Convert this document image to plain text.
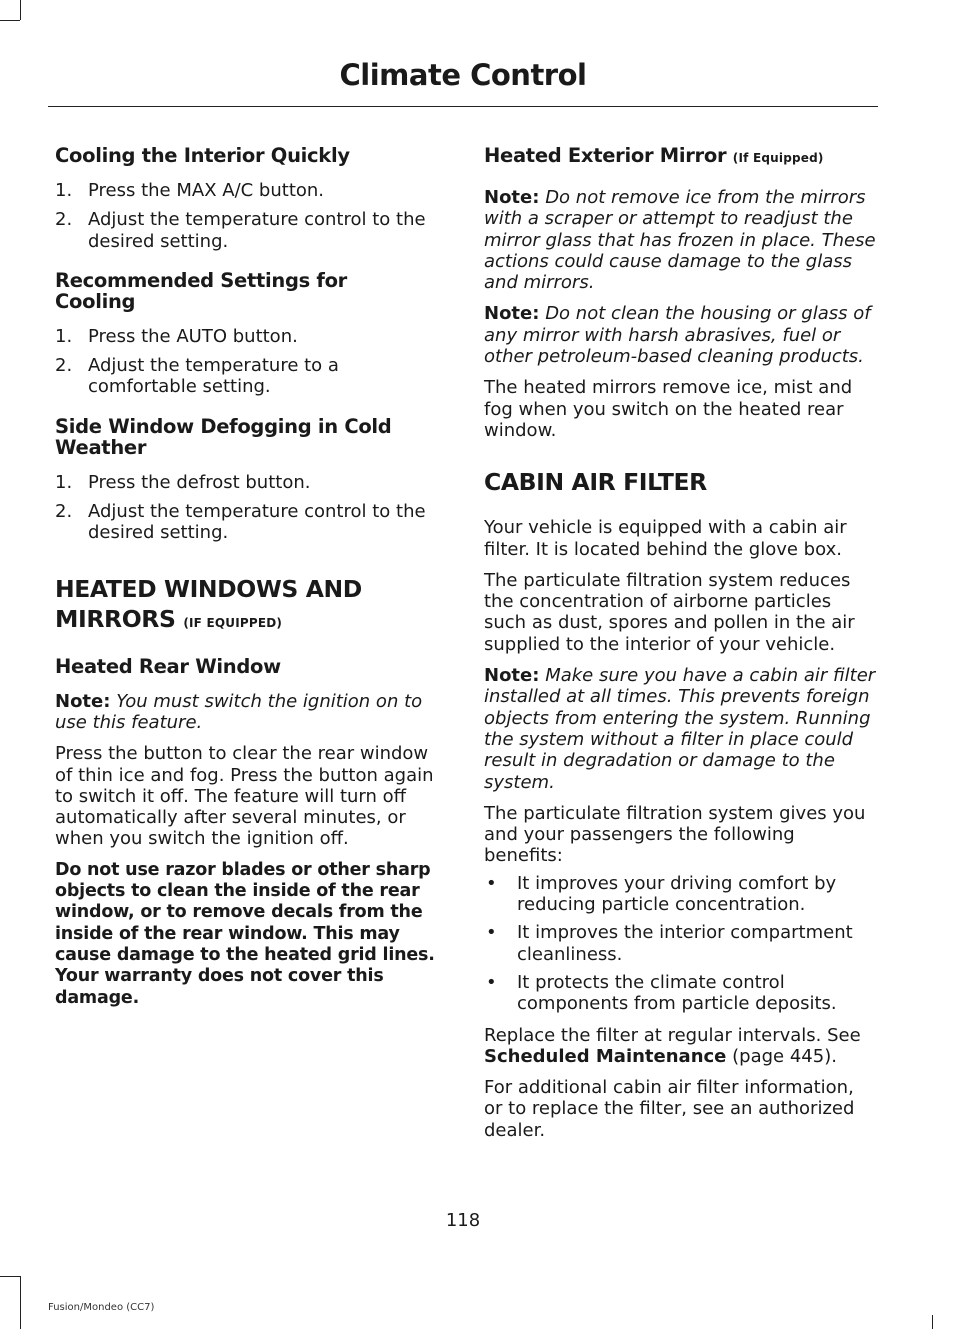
Climate Control
Cooling the Interior Quickly
1. Press the MAX A/C button.
2. Adjust the temperature control to the desired setting.
Recommended Settings for Cooling
1. Press the AUTO button.
2. Adjust the temperature to a comfortable setting.
Side Window Defogging in Cold Weather
1. Press the defrost button.
2. Adjust the temperature control to the desired setting.
HEATED WINDOWS AND
MIRRORS (IF EQUIPPED)
Heated Rear Window

Note: You must switch the ignition on to use this feature.

Press the button to clear the rear window of thin ice and fog. Press the button again to switch it off. The feature will turn off automatically after several minutes, or when you switch the ignition off.

Do not use razor blades or other sharp objects to clean the inside of the rear window, or to remove decals from the inside of the rear window. This may cause damage to the heated grid lines. Your warranty does not cover this damage.

Heated Exterior Mirror (If Equipped)

Note: Do not remove ice from the mirrors with a scraper or attempt to readjust the mirror glass that has frozen in place. These actions could cause damage to the glass and mirrors.

Note: Do not clean the housing or glass of any mirror with harsh abrasives, fuel or other petroleum-based cleaning products.

The heated mirrors remove ice, mist and fog when you switch on the heated rear window.

CABIN AIR FILTER

Your vehicle is equipped with a cabin air filter. It is located behind the glove box.

The particulate filtration system reduces the concentration of airborne particles such as dust, spores and pollen in the air supplied to the interior of your vehicle.

Note: Make sure you have a cabin air filter installed at all times. This prevents foreign objects from entering the system. Running the system without a filter in place could result in degradation or damage to the system.

The particulate filtration system gives you and your passengers the following benefits:

• It improves your driving comfort by reducing particle concentration.
• It improves the interior compartment cleanliness.
• It protects the climate control components from particle deposits.

Replace the filter at regular intervals. See Scheduled Maintenance (page 445).

For additional cabin air filter information, or to replace the filter, see an authorized dealer.

118
Fusion/Mondeo (CC7)
